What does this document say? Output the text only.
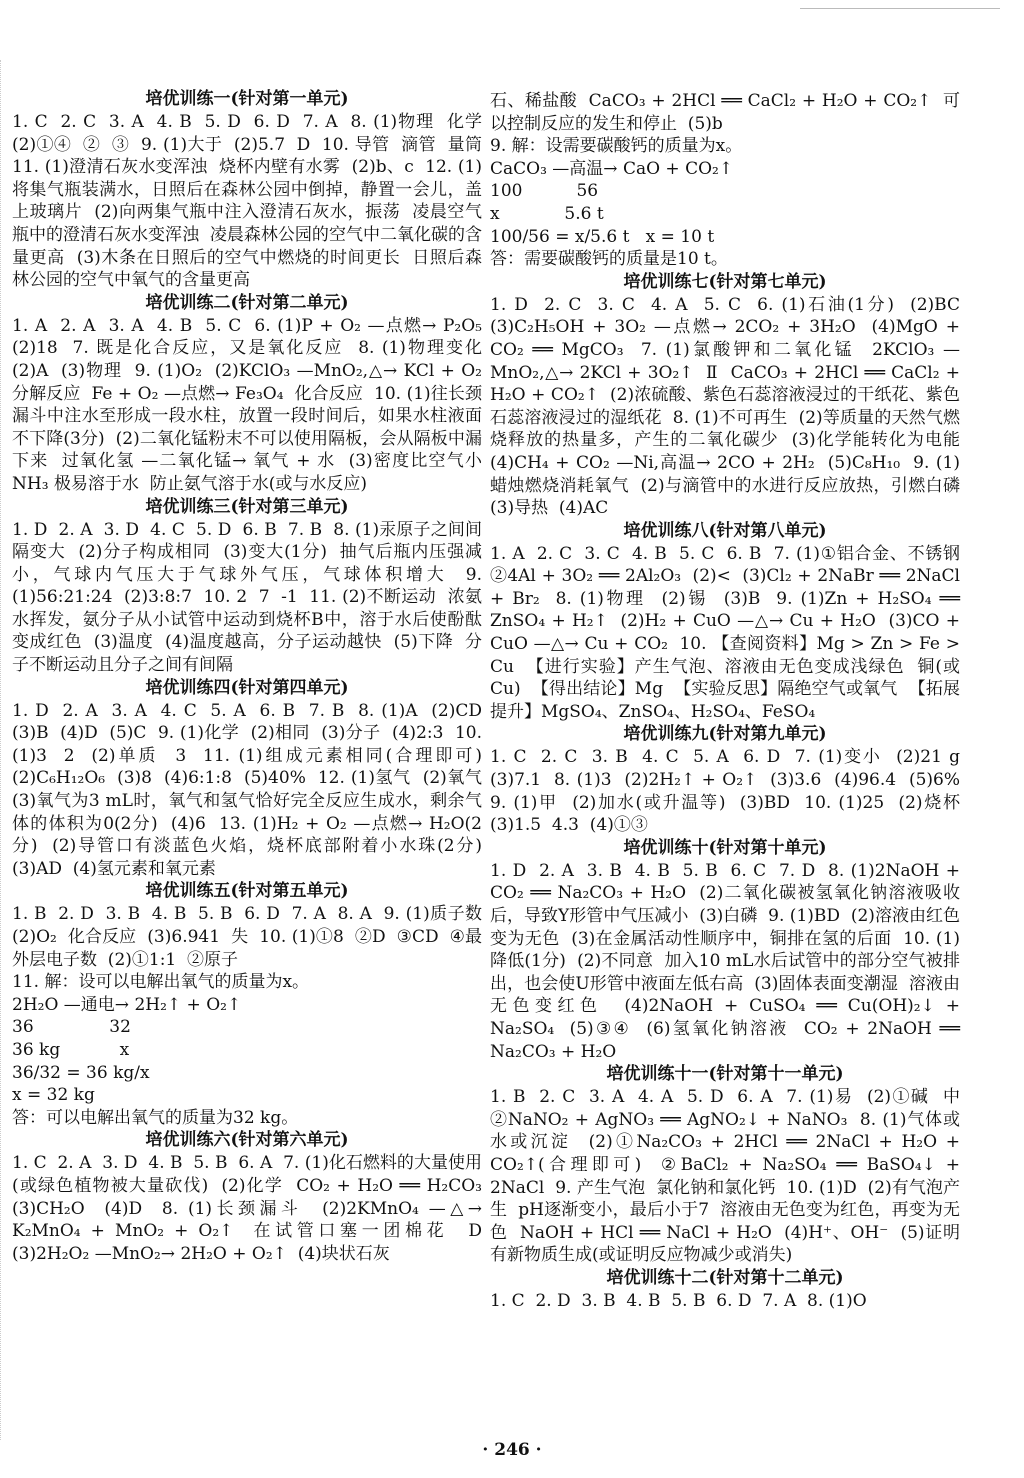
培优训练一(针对第一单元)

1. C  2. C  3. A  4. B  5. D  6. D  7. A  8. (1)物理  化学  (2)①④  ②  ③  9. (1)大于  (2)5.7  D  10. 导管  滴管  量筒  11. (1)澄清石灰水变浑浊  烧杯内壁有水雾  (2)b、c  12. (1)将集气瓶装满水，日照后在森林公园中倒掉，静置一会儿，盖上玻璃片  (2)向两集气瓶中注入澄清石灰水，振荡  凌晨空气瓶中的澄清石灰水变浑浊  凌晨森林公园的空气中二氧化碳的含量更高  (3)木条在日照后的空气中燃烧的时间更长  日照后森林公园的空气中氧气的含量更高

培优训练二(针对第二单元)

1. A  2. A  3. A  4. B  5. C  6. (1)P + O₂ —点燃→ P₂O₅  (2)18  7. 既是化合反应，又是氧化反应  8. (1)物理变化  (2)A  (3)物理  9. (1)O₂  (2)KClO₃ —MnO₂,△→ KCl + O₂  分解反应  Fe + O₂ —点燃→ Fe₃O₄  化合反应  10. (1)往长颈漏斗中注水至形成一段水柱，放置一段时间后，如果水柱液面不下降(3分)  (2)二氧化锰粉末不可以使用隔板，会从隔板中漏下来  过氧化氢 —二氧化锰→ 氧气 + 水  (3)密度比空气小  NH₃ 极易溶于水  防止氨气溶于水(或与水反应)

培优训练三(针对第三单元)

1. D  2. A  3. D  4. C  5. D  6. B  7. B  8. (1)汞原子之间间隔变大  (2)分子构成相同  (3)变大(1分)  抽气后瓶内压强减小，气球内气压大于气球外气压，气球体积增大  9. (1)56:21:24  (2)3:8:7  10. 2  7  -1  11. (2)不断运动  浓氨水挥发，氨分子从小试管中运动到烧杯B中，溶于水后使酚酞变成红色  (3)温度  (4)温度越高，分子运动越快  (5)下降  分子不断运动且分子之间有间隔

培优训练四(针对第四单元)

1. D  2. A  3. A  4. C  5. A  6. B  7. B  8. (1)A  (2)CD  (3)B  (4)D  (5)C  9. (1)化学  (2)相同  (3)分子  (4)2:3  10. (1)3  2  (2)单质  3  11. (1)组成元素相同(合理即可)  (2)C₆H₁₂O₆  (3)8  (4)6:1:8  (5)40%  12. (1)氢气  (2)氧气  (3)氧气为3 mL时，氧气和氢气恰好完全反应生成水，剩余气体的体积为0(2分)  (4)6  13. (1)H₂ + O₂ —点燃→ H₂O(2分)  (2)导管口有淡蓝色火焰，烧杯底部附着小水珠(2分)  (3)AD  (4)氢元素和氧元素

培优训练五(针对第五单元)

1. B  2. D  3. B  4. B  5. B  6. D  7. A  8. A  9. (1)质子数  (2)O₂  化合反应  (3)6.941  失  10. (1)①8  ②D  ③CD  ④最外层电子数  (2)①1:1  ②原子
11. 解：设可以电解出氧气的质量为x。
2H₂O —通电→ 2H₂↑ + O₂↑
36              32
36 kg           x
36/32 = 36 kg/x
x = 32 kg
答：可以电解出氧气的质量为32 kg。

培优训练六(针对第六单元)

1. C  2. A  3. D  4. B  5. B  6. A  7. (1)化石燃料的大量使用(或绿色植物被大量砍伐)  (2)化学  CO₂ + H₂O ══ H₂CO₃  (3)CH₂O  (4)D  8. (1)长颈漏斗  (2)2KMnO₄ —△→ K₂MnO₄ + MnO₂ + O₂↑  在试管口塞一团棉花  D  (3)2H₂O₂ —MnO₂→ 2H₂O + O₂↑  (4)块状石灰

石、稀盐酸  CaCO₃ + 2HCl ══ CaCl₂ + H₂O + CO₂↑  可以控制反应的发生和停止  (5)b
9. 解：设需要碳酸钙的质量为x。
CaCO₃ —高温→ CaO + CO₂↑
100          56
x            5.6 t
100/56 = x/5.6 t   x = 10 t
答：需要碳酸钙的质量是10 t。

培优训练七(针对第七单元)

1. D  2. C  3. C  4. A  5. C  6. (1)石油(1分)  (2)BC  (3)C₂H₅OH + 3O₂ —点燃→ 2CO₂ + 3H₂O  (4)MgO + CO₂ ══ MgCO₃  7. (1)氯酸钾和二氧化锰  2KClO₃ —MnO₂,△→ 2KCl + 3O₂↑  Ⅱ  CaCO₃ + 2HCl ══ CaCl₂ + H₂O + CO₂↑  (2)浓硫酸、紫色石蕊溶液浸过的干纸花、紫色石蕊溶液浸过的湿纸花  8. (1)不可再生  (2)等质量的天然气燃烧释放的热量多，产生的二氧化碳少  (3)化学能转化为电能  (4)CH₄ + CO₂ —Ni,高温→ 2CO + 2H₂  (5)C₈H₁₀  9. (1)蜡烛燃烧消耗氧气  (2)与滴管中的水进行反应放热，引燃白磷  (3)导热  (4)AC

培优训练八(针对第八单元)

1. A  2. C  3. C  4. B  5. C  6. B  7. (1)①铝合金、不锈钢  ②4Al + 3O₂ ══ 2Al₂O₃  (2)<  (3)Cl₂ + 2NaBr ══ 2NaCl + Br₂  8. (1)物理  (2)锡  (3)B  9. (1)Zn + H₂SO₄ ══ ZnSO₄ + H₂↑  (2)H₂ + CuO —△→ Cu + H₂O  (3)CO + CuO —△→ Cu + CO₂  10. 【查阅资料】Mg > Zn > Fe > Cu  【进行实验】产生气泡、溶液由无色变成浅绿色  铜(或Cu)  【得出结论】Mg  【实验反思】隔绝空气或氧气  【拓展提升】MgSO₄、ZnSO₄、H₂SO₄、FeSO₄

培优训练九(针对第九单元)

1. C  2. C  3. B  4. C  5. A  6. D  7. (1)变小  (2)21 g  (3)7.1  8. (1)3  (2)2H₂↑ + O₂↑  (3)3.6  (4)96.4  (5)6%  9. (1)甲  (2)加水(或升温等)  (3)BD  10. (1)25  (2)烧杯  (3)1.5  4.3  (4)①③

培优训练十(针对第十单元)

1. D  2. A  3. B  4. B  5. B  6. C  7. D  8. (1)2NaOH + CO₂ ══ Na₂CO₃ + H₂O  (2)二氧化碳被氢氧化钠溶液吸收后，导致Y形管中气压减小  (3)白磷  9. (1)BD  (2)溶液由红色变为无色  (3)在金属活动性顺序中，铜排在氢的后面  10. (1)降低(1分)  (2)不同意  加入10 mL水后试管中的部分空气被排出，也会使U形管中液面左低右高  (3)固体表面变潮湿  溶液由无色变红色  (4)2NaOH + CuSO₄ ══ Cu(OH)₂↓ + Na₂SO₄  (5)③④  (6)氢氧化钠溶液  CO₂ + 2NaOH ══ Na₂CO₃ + H₂O

培优训练十一(针对第十一单元)

1. B  2. C  3. A  4. A  5. D  6. A  7. (1)易  (2)①碱  中  ②NaNO₂ + AgNO₃ ══ AgNO₂↓ + NaNO₃  8. (1)气体或水或沉淀  (2)①Na₂CO₃ + 2HCl ══ 2NaCl + H₂O + CO₂↑(合理即可)  ②BaCl₂ + Na₂SO₄ ══ BaSO₄↓ + 2NaCl  9. 产生气泡  氯化钠和氯化钙  10. (1)D  (2)有气泡产生  pH逐渐变小，最后小于7  溶液由无色变为红色，再变为无色  NaOH + HCl ══ NaCl + H₂O  (4)H⁺、OH⁻  (5)证明有新物质生成(或证明反应物减少或消失)

培优训练十二(针对第十二单元)

1. C  2. D  3. B  4. B  5. B  6. D  7. A  8. (1)O

· 246 ·
